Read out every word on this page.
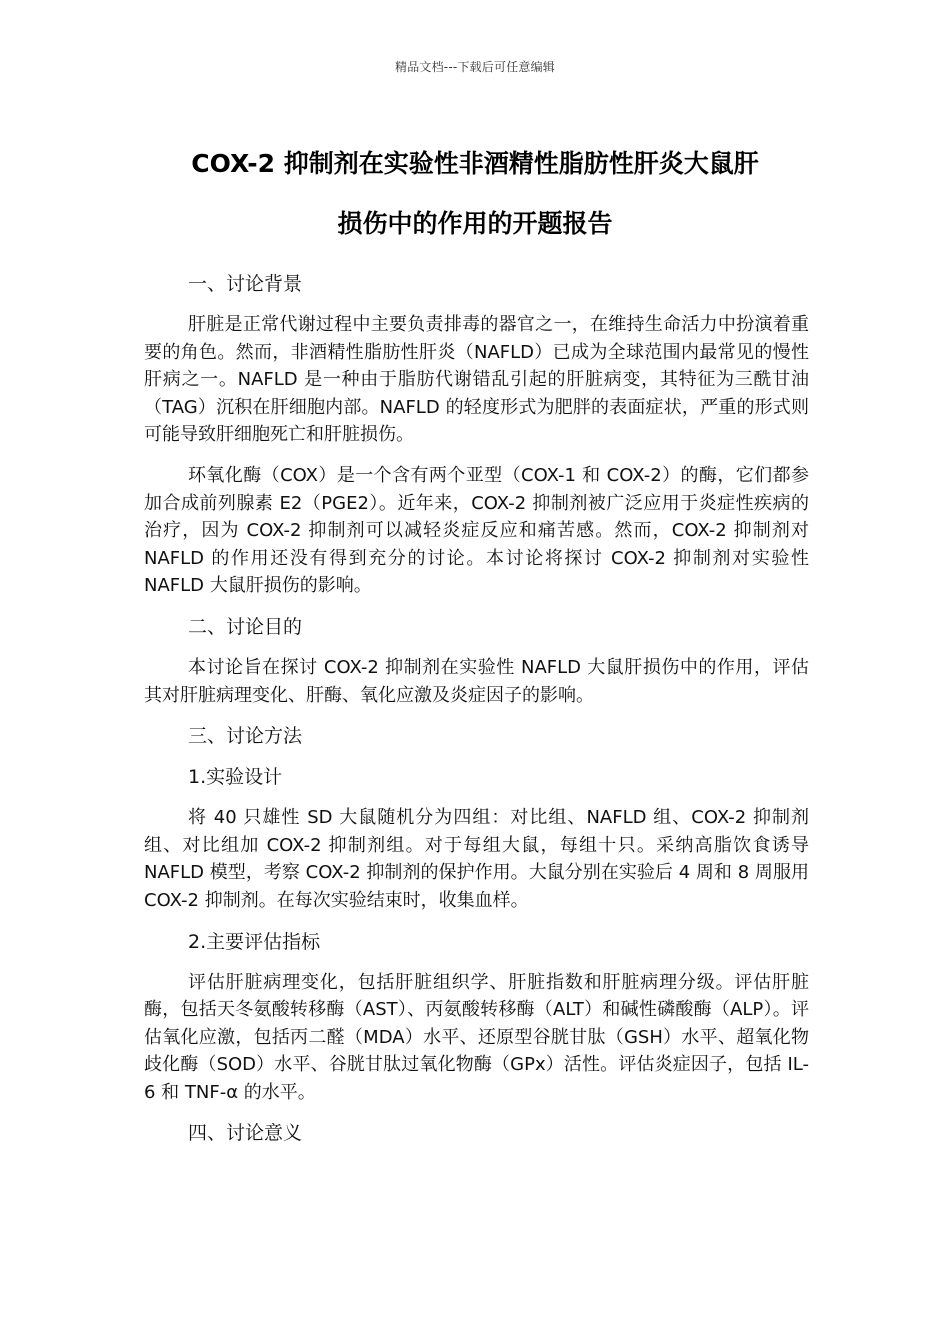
精品文档---下载后可任意编辑
COX-2 抑制剂在实验性非酒精性脂肪性肝炎大鼠肝
损伤中的作用的开题报告
一、讨论背景

肝脏是正常代谢过程中主要负责排毒的器官之一，在维持生命活力中扮演着重要的角色。然而，非酒精性脂肪性肝炎（NAFLD）已成为全球范围内最常见的慢性肝病之一。NAFLD 是一种由于脂肪代谢错乱引起的肝脏病变，其特征为三酰甘油（TAG）沉积在肝细胞内部。NAFLD 的轻度形式为肥胖的表面症状，严重的形式则可能导致肝细胞死亡和肝脏损伤。

环氧化酶（COX）是一个含有两个亚型（COX-1 和 COX-2）的酶，它们都参加合成前列腺素 E2（PGE2）。近年来，COX-2 抑制剂被广泛应用于炎症性疾病的治疗，因为 COX-2 抑制剂可以减轻炎症反应和痛苦感。然而，COX-2 抑制剂对 NAFLD 的作用还没有得到充分的讨论。本讨论将探讨 COX-2 抑制剂对实验性 NAFLD 大鼠肝损伤的影响。

二、讨论目的

本讨论旨在探讨 COX-2 抑制剂在实验性 NAFLD 大鼠肝损伤中的作用，评估其对肝脏病理变化、肝酶、氧化应激及炎症因子的影响。

三、讨论方法
1.实验设计

将 40 只雄性 SD 大鼠随机分为四组：对比组、NAFLD 组、COX-2 抑制剂组、对比组加 COX-2 抑制剂组。对于每组大鼠，每组十只。采纳高脂饮食诱导 NAFLD 模型，考察 COX-2 抑制剂的保护作用。大鼠分别在实验后 4 周和 8 周服用 COX-2 抑制剂。在每次实验结束时，收集血样。

2.主要评估指标

评估肝脏病理变化，包括肝脏组织学、肝脏指数和肝脏病理分级。评估肝脏酶，包括天冬氨酸转移酶（AST）、丙氨酸转移酶（ALT）和碱性磷酸酶（ALP）。评估氧化应激，包括丙二醛（MDA）水平、还原型谷胱甘肽（GSH）水平、超氧化物歧化酶（SOD）水平、谷胱甘肽过氧化物酶（GPx）活性。评估炎症因子，包括 IL-6 和 TNF-α 的水平。

四、讨论意义
